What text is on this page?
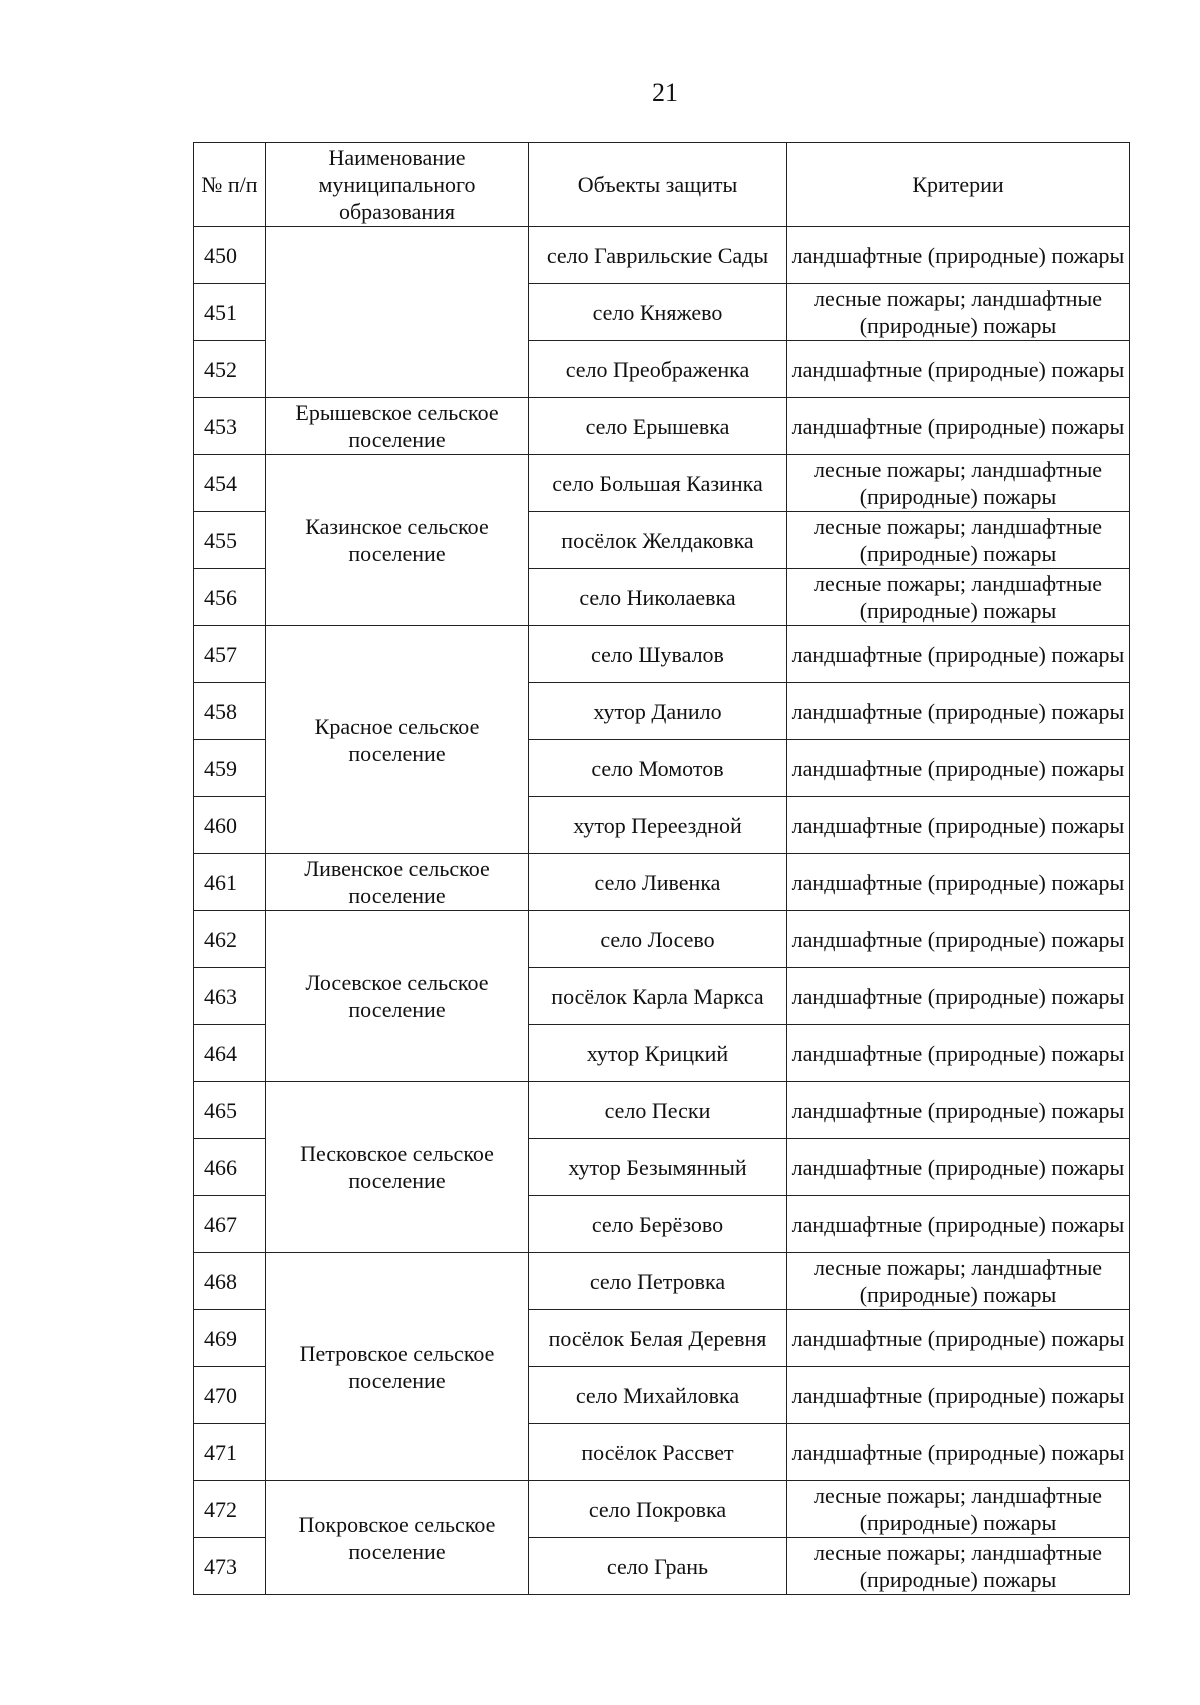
21
№ п/п	Наименование муниципального образования	Объекты защиты	Критерии
450		село Гаврильские Сады	ландшафтные (природные) пожары
451		село Княжево	лесные пожары; ландшафтные (природные) пожары
452		село Преображенка	ландшафтные (природные) пожары
453	Ерышевское сельское поселение	село Ерышевка	ландшафтные (природные) пожары
454	Казинское сельское поселение	село Большая Казинка	лесные пожары; ландшафтные (природные) пожары
455		посёлок Желдаковка	лесные пожары; ландшафтные (природные) пожары
456		село Николаевка	лесные пожары; ландшафтные (природные) пожары
457	Красное сельское поселение	село Шувалов	ландшафтные (природные) пожары
458		хутор Данило	ландшафтные (природные) пожары
459		село Момотов	ландшафтные (природные) пожары
460		хутор Переездной	ландшафтные (природные) пожары
461	Ливенское сельское поселение	село Ливенка	ландшафтные (природные) пожары
462	Лосевское сельское поселение	село Лосево	ландшафтные (природные) пожары
463		посёлок Карла Маркса	ландшафтные (природные) пожары
464		хутор Крицкий	ландшафтные (природные) пожары
465	Песковское сельское поселение	село Пески	ландшафтные (природные) пожары
466		хутор Безымянный	ландшафтные (природные) пожары
467		село Берёзово	ландшафтные (природные) пожары
468	Петровское сельское поселение	село Петровка	лесные пожары; ландшафтные (природные) пожары
469		посёлок Белая Деревня	ландшафтные (природные) пожары
470		село Михайловка	ландшафтные (природные) пожары
471		посёлок Рассвет	ландшафтные (природные) пожары
472	Покровское сельское поселение	село Покровка	лесные пожары; ландшафтные (природные) пожары
473		село Грань	лесные пожары; ландшафтные (природные) пожары
